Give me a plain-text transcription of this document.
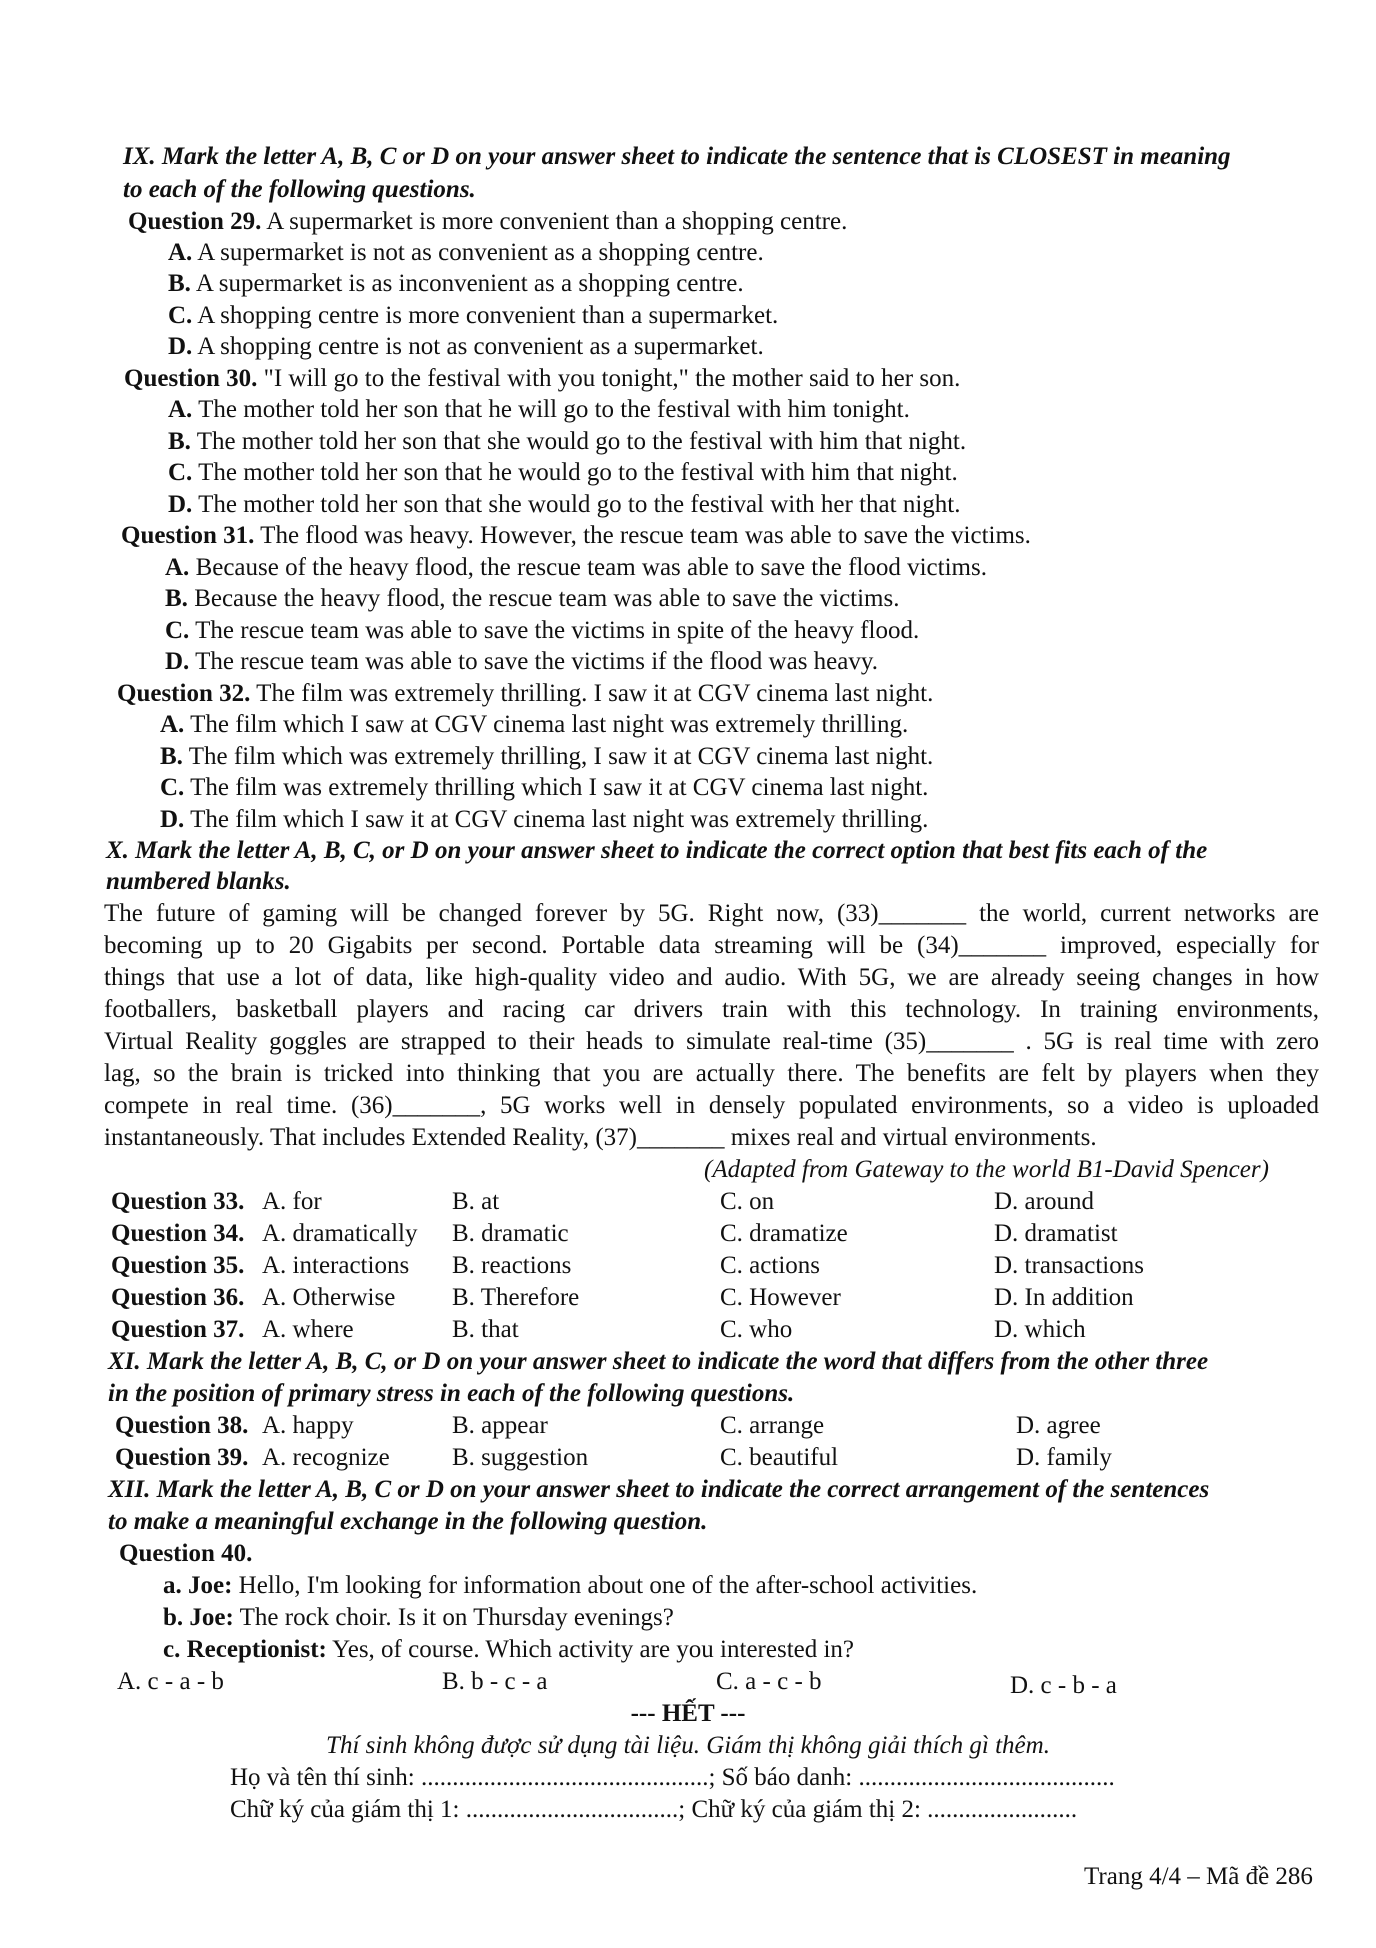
IX. Mark the letter A, B, C or D on your answer sheet to indicate the sentence that is CLOSEST in meaning
to each of the following questions.
Question 29. A supermarket is more convenient than a shopping centre.
A. A supermarket is not as convenient as a shopping centre.
B. A supermarket is as inconvenient as a shopping centre.
C. A shopping centre is more convenient than a supermarket.
D. A shopping centre is not as convenient as a supermarket.
Question 30. "I will go to the festival with you tonight," the mother said to her son.
A. The mother told her son that he will go to the festival with him tonight.
B. The mother told her son that she would go to the festival with him that night.
C. The mother told her son that he would go to the festival with him that night.
D. The mother told her son that she would go to the festival with her that night.
Question 31. The flood was heavy. However, the rescue team was able to save the victims.
A. Because of the heavy flood, the rescue team was able to save the flood victims.
B. Because the heavy flood, the rescue team was able to save the victims.
C. The rescue team was able to save the victims in spite of the heavy flood.
D. The rescue team was able to save the victims if the flood was heavy.
Question 32. The film was extremely thrilling. I saw it at CGV cinema last night.
A. The film which I saw at CGV cinema last night was extremely thrilling.
B. The film which was extremely thrilling, I saw it at CGV cinema last night.
C. The film was extremely thrilling which I saw it at CGV cinema last night.
D. The film which I saw it at CGV cinema last night was extremely thrilling.
X. Mark the letter A, B, C, or D on your answer sheet to indicate the correct option that best fits each of the
numbered blanks.
The future of gaming will be changed forever by 5G. Right now, (33)_______ the world, current networks are
becoming up to 20 Gigabits per second. Portable data streaming will be (34)_______ improved, especially for
things that use a lot of data, like high-quality video and audio. With 5G, we are already seeing changes in how
footballers, basketball players and racing car drivers train with this technology. In training environments,
Virtual Reality goggles are strapped to their heads to simulate real-time (35)_______ . 5G is real time with zero
lag, so the brain is tricked into thinking that you are actually there. The benefits are felt by players when they
compete in real time. (36)_______, 5G works well in densely populated environments, so a video is uploaded
instantaneously. That includes Extended Reality, (37)_______ mixes real and virtual environments.
(Adapted from Gateway to the world B1-David Spencer)
Question 33. A. for	B. at	C. on	D. around
Question 34. A. dramatically B. dramatic	C. dramatize	D. dramatist
Question 35. A. interactions B. reactions	C. actions	D. transactions
Question 36. A. Otherwise B. Therefore	C. However	D. In addition
Question 37. A. where	B. that	C. who	D. which
XI. Mark the letter A, B, C, or D on your answer sheet to indicate the word that differs from the other three
in the position of primary stress in each of the following questions.
Question 38. A. happy	B. appear	C. arrange	D. agree
Question 39. A. recognize B. suggestion	C. beautiful	D. family
XII. Mark the letter A, B, C or D on your answer sheet to indicate the correct arrangement of the sentences
to make a meaningful exchange in the following question.
Question 40.
a. Joe: Hello, I'm looking for information about one of the after-school activities.
b. Joe: The rock choir. Is it on Thursday evenings?
c. Receptionist: Yes, of course. Which activity are you interested in?
A. c - a - b	B. b - c - a	C. a - c - b	D. c - b - a
--- HẾT ---
Thí sinh không được sử dụng tài liệu. Giám thị không giải thích gì thêm.
Họ và tên thí sinh: ..............................................; Số báo danh: .........................................
Chữ ký của giám thị 1: ..................................; Chữ ký của giám thị 2: ........................
Trang 4/4 – Mã đề 286
